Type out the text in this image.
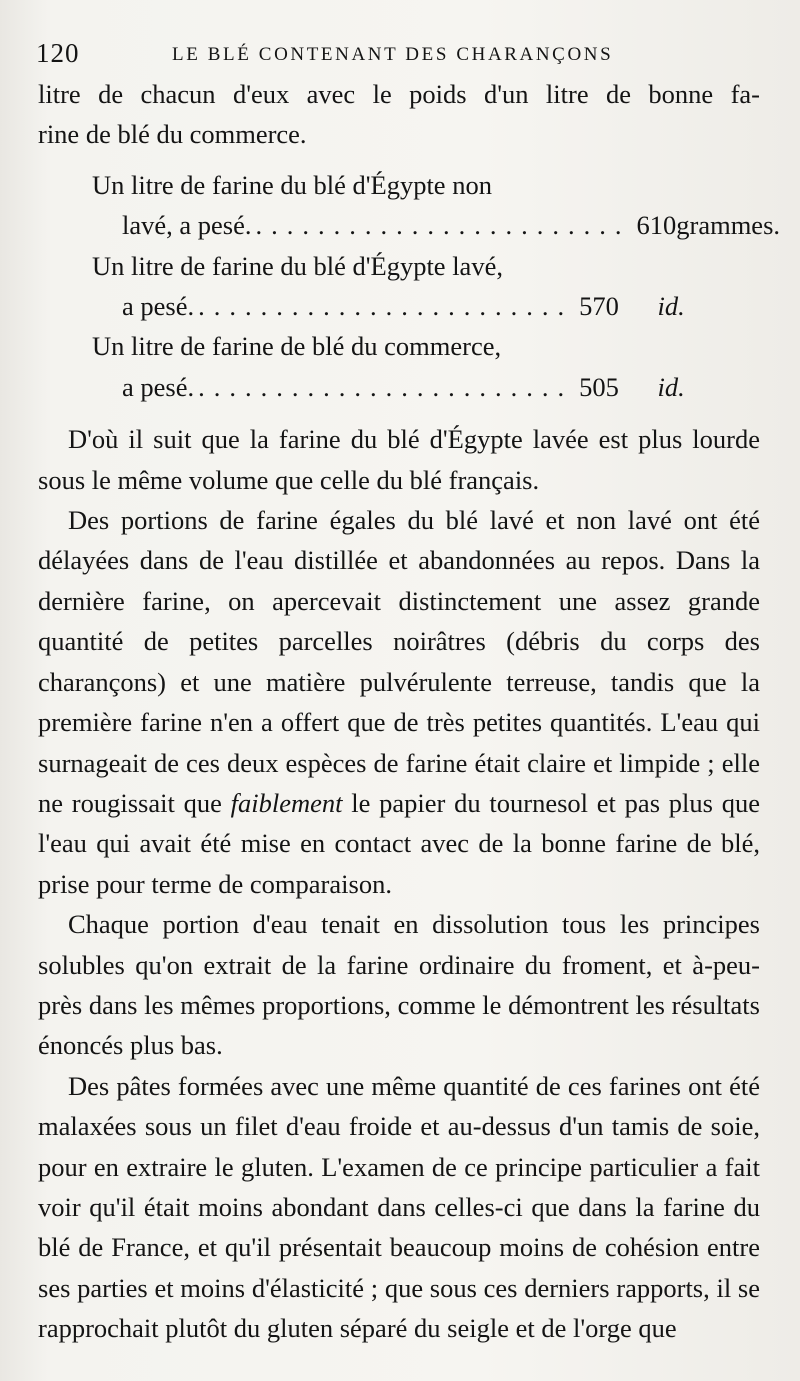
120	LE BLÉ CONTENANT DES CHARANÇONS
litre de chacun d'eux avec le poids d'un litre de bonne fa-
rine de blé du commerce.
Un litre de farine du blé d'Égypte non
lavé, a pesé. ........................ 610 grammes.
Un litre de farine du blé d'Égypte lavé,
a pesé. ........................ 570	id.
Un litre de farine de blé du commerce,
a pesé. ........................ 505	id.

D'où il suit que la farine du blé d'Égypte lavée est plus lourde sous le même volume que celle du blé français.

Des portions de farine égales du blé lavé et non lavé ont été délayées dans de l'eau distillée et abandonnées au repos. Dans la dernière farine, on apercevait distinctement une assez grande quantité de petites parcelles noirâtres (débris du corps des charançons) et une matière pulvérulente terreuse, tandis que la première farine n'en a offert que de très petites quantités. L'eau qui surnageait de ces deux espèces de farine était claire et limpide ; elle ne rougissait que faiblement le papier du tournesol et pas plus que l'eau qui avait été mise en contact avec de la bonne farine de blé, prise pour terme de comparaison.

Chaque portion d'eau tenait en dissolution tous les principes solubles qu'on extrait de la farine ordinaire du froment, et à-peu-près dans les mêmes proportions, comme le démontrent les résultats énoncés plus bas.

Des pâtes formées avec une même quantité de ces farines ont été malaxées sous un filet d'eau froide et au-dessus d'un tamis de soie, pour en extraire le gluten. L'examen de ce principe particulier a fait voir qu'il était moins abondant dans celles-ci que dans la farine du blé de France, et qu'il présentait beaucoup moins de cohésion entre ses parties et moins d'élasticité ; que sous ces derniers rapports, il se rapprochait plutôt du gluten séparé du seigle et de l'orge que
